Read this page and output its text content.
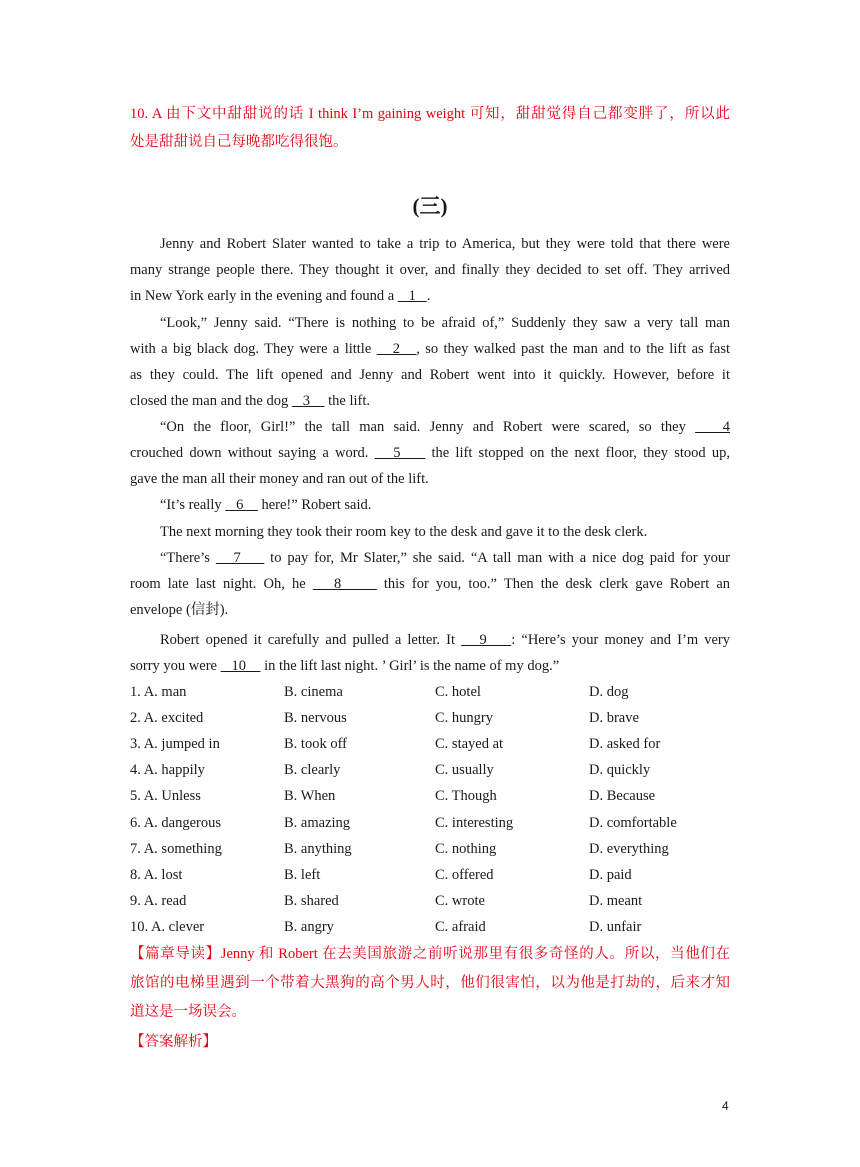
10. A 由下文中甜甜说的话 I think I’m gaining weight 可知，甜甜觉得自己都变胖了，所以此
处是甜甜说自己每晚都吃得很饱。
(三)
Jenny and Robert Slater wanted to take a trip to America, but they were told that there were
many strange people there. They thought it over, and finally they decided to set off. They arrived
in New York early in the evening and found a    1   .
“Look,” Jenny said. “There is nothing to be afraid of,” Suddenly they saw a very tall man
with a big black dog. They were a little    2   , so they walked past the man and to the lift as fast
as they could. The lift opened and Jenny and Robert went into it quickly. However, before it
closed the man and the dog    3     the lift.
“On the floor, Girl!” the tall man said. Jenny and Robert were scared, so they    4
crouched down without saying a word.    5     the lift stopped on the next floor, they stood up,
gave the man all their money and ran out of the lift.
“It’s really    6     here!” Robert said.
The next morning they took their room key to the desk and gave it to the desk clerk.
“There’s    7     to pay for, Mr Slater,” she said. “A tall man with a nice dog paid for your
room late last night. Oh, he    8      this for you, too.” Then the desk clerk gave Robert an
envelope (信封).
Robert opened it carefully and pulled a letter. It    9    : “Here’s your money and I’m very
sorry you were    10     in the lift last night. ’ Girl’ is the name of my dog.”
1. A. man	B. cinema	C. hotel	D. dog
2. A. excited	B. nervous	C. hungry	D. brave
3. A. jumped in	B. took off	C. stayed at	D. asked for
4. A. happily	B. clearly	C. usually	D. quickly
5. A. Unless	B. When	C. Though	D. Because
6. A. dangerous	B. amazing	C. interesting	D. comfortable
7. A. something	B. anything	C. nothing	D. everything
8. A. lost	B. left	C. offered	D. paid
9. A. read	B. shared	C. wrote	D. meant
10. A. clever	B. angry	C. afraid	D. unfair
【篇章导读】Jenny 和 Robert 在去美国旅游之前听说那里有很多奇怪的人。所以，当他们在
旅馆的电梯里遇到一个带着大黑狗的高个男人时，他们很害怕，以为他是打劫的，后来才知
道这是一场误会。
【答案解析】
4
